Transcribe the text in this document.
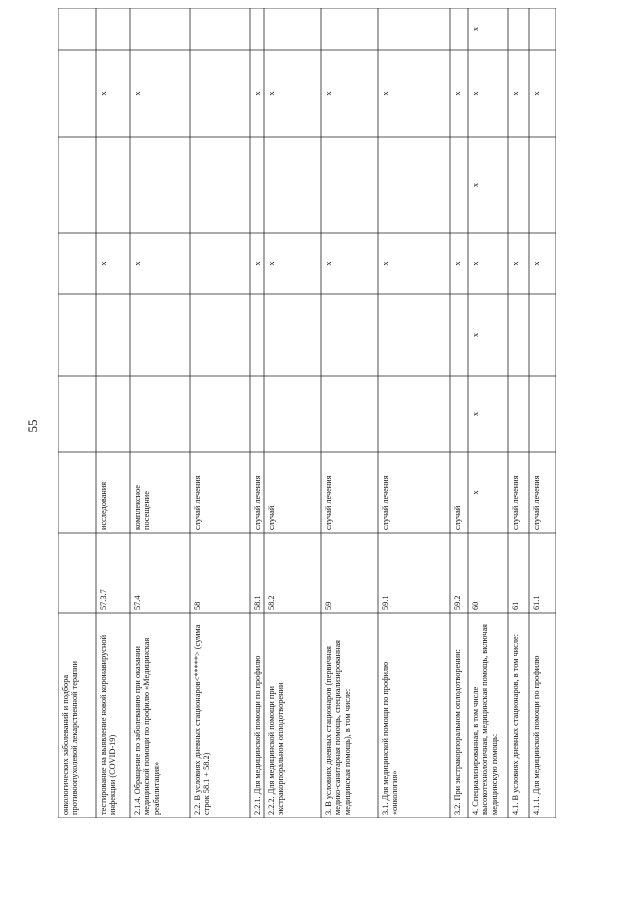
55
онкологических заболеваний и подбора противоопухолевой лекарственной терапии	тестирование на выявление новой коронавирусной инфекции (COVID-19)
57.3.7
исследования
x
x
2.1.4. Обращение по заболеванию при оказании медицинской помощи по профилю «Медицинская реабилитация»
57.4
комплексное посещение
x
x
2.2. В условиях дневных стационаров<*****> (сумма строк 58.1 + 58.2)
58
случай лечения
2.2.1. Для медицинской помощи по профилю
58.1
случай лечения
x
x
2.2.2. Для медицинской помощи при экстракорпоральном оплодотворении
58.2
случай
x
x
3. В условиях дневных стационаров (первичная медико-санитарная помощь, специализированная медицинская помощь), в том числе:
59
случай лечения
x
x
3.1. Для медицинской помощи по профилю «онкология»
59.1
случай лечения
x
x
3.2. При экстракорпоральном оплодотворении:
59.2
случай
x
x
4. Специализированная, в том числе высокотехнологичная, медицинская помощь, включая медицинскую помощь:
60
x
x
x
x
x
x
x
4.1. В условиях дневных стационаров, в том числе:
61
случай лечения
x
x
4.1.1. Для медицинской помощи по профилю
61.1
случай лечения
x
x
